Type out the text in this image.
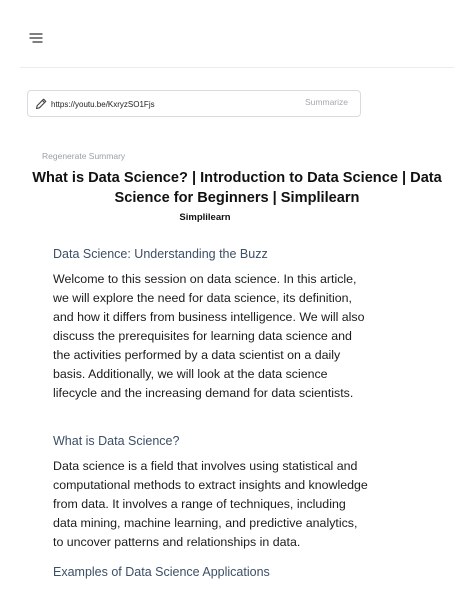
https://youtu.be/KxryzSO1Fjs
Summarize
Regenerate Summary
What is Data Science? | Introduction to Data Science | Data Science for Beginners | Simplilearn
Simplilearn
Data Science: Understanding the Buzz

Welcome to this session on data science. In this article, we will explore the need for data science, its definition, and how it differs from business intelligence. We will also discuss the prerequisites for learning data science and the activities performed by a data scientist on a daily basis. Additionally, we will look at the data science lifecycle and the increasing demand for data scientists.

What is Data Science?

Data science is a field that involves using statistical and computational methods to extract insights and knowledge from data. It involves a range of techniques, including data mining, machine learning, and predictive analytics, to uncover patterns and relationships in data.

Examples of Data Science Applications
